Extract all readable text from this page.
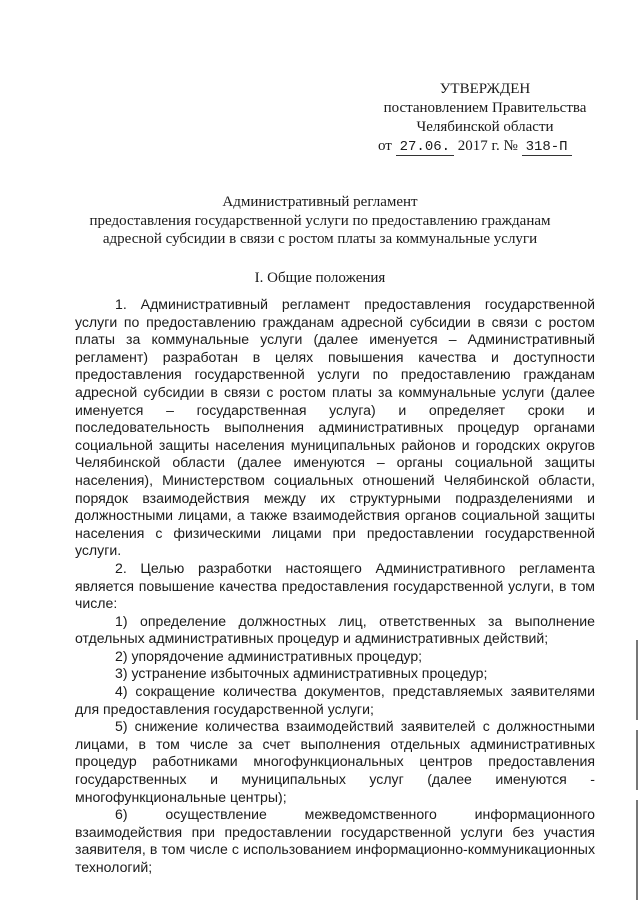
УТВЕРЖДЕН
постановлением Правительства
Челябинской области
от 27.06. 2017 г. № 318-П
Административный регламент
предоставления государственной услуги по предоставлению гражданам
адресной субсидии в связи с ростом платы за коммунальные услуги
I. Общие положения

1. Административный регламент предоставления государственной услуги по предоставлению гражданам адресной субсидии в связи с ростом платы за коммунальные услуги (далее именуется – Административный регламент) разработан в целях повышения качества и доступности предоставления государственной услуги по предоставлению гражданам адресной субсидии в связи с ростом платы за коммунальные услуги (далее именуется – государственная услуга) и определяет сроки и последовательность выполнения административных процедур органами социальной защиты населения муниципальных районов и городских округов Челябинской области (далее именуются – органы социальной защиты населения), Министерством социальных отношений Челябинской области, порядок взаимодействия между их структурными подразделениями и должностными лицами, а также взаимодействия органов социальной защиты населения с физическими лицами при предоставлении государственной услуги.

2. Целью разработки настоящего Административного регламента является повышение качества предоставления государственной услуги, в том числе:

1) определение должностных лиц, ответственных за выполнение отдельных административных процедур и административных действий;

2) упорядочение административных процедур;

3) устранение избыточных административных процедур;

4) сокращение количества документов, представляемых заявителями для предоставления государственной услуги;

5) снижение количества взаимодействий заявителей с должностными лицами, в том числе за счет выполнения отдельных административных процедур работниками многофункциональных центров предоставления государственных и муниципальных услуг (далее именуются - многофункциональные центры);

6) осуществление межведомственного информационного взаимодействия при предоставлении государственной услуги без участия заявителя, в том числе с использованием информационно-коммуникационных технологий;
